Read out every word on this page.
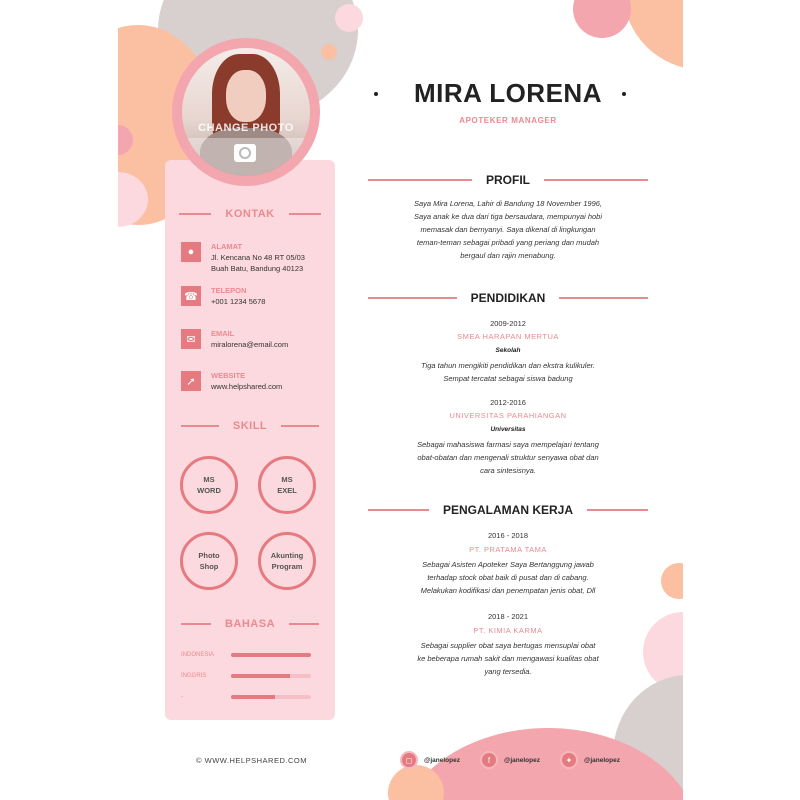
KONTAK
●	ALAMAT
Jl. Kencana No 48 RT 05/03
Buah Batu, Bandung 40123
☎	TELEPON
+001 1234 5678
✉	EMAIL
miralorena@email.com
➚	WEBSITE
www.helpshared.com
SKILL
MS
WORD
MS
EXEL
Photo
Shop
Akunting
Program
BAHASA
INDONESIA
INGGRIS
-
CHANGE PHOTO
MIRA LORENA
APOTEKER MANAGER
PROFIL
Saya Mira Lorena, Lahir di Bandung 18 November 1996,
Saya anak ke dua dari tiga bersaudara, mempunyai hobi
memasak dan bernyanyi. Saya dikenal di lingkungan
teman-teman sebagai pribadi yang periang dan mudah
bergaul dan rajin menabung.
PENDIDIKAN
2009-2012
SMEA HARAPAN MERTUA
Sekolah
Tiga tahun mengikiti pendidikan dan ekstra kulikuler.
Sempat tercatat sebagai siswa badung
2012-2016
UNIVERSITAS PARAHIANGAN
Universitas
Sebagai mahasiswa farmasi saya mempelajari tentang
obat-obatan dan mengenali struktur senyawa obat dan
cara sintesisnya.
PENGALAMAN KERJA
2016 - 2018
PT. PRATAMA TAMA
Sebagai Asisten Apoteker Saya Bertanggung jawab
terhadap stock obat baik di pusat dan di cabang.
Melakukan kodifikasi dan penempatan jenis obat, Dll
2018 - 2021
PT. KIMIA KARMA
Sebagai supplier obat saya bertugas mensuplai obat
ke beberapa rumah sakit dan mengawasi kualitas obat
yang tersedia.
© WWW.HELPSHARED.COM	◻	@janelopez	f	@janelopez	✦	@janelopez
